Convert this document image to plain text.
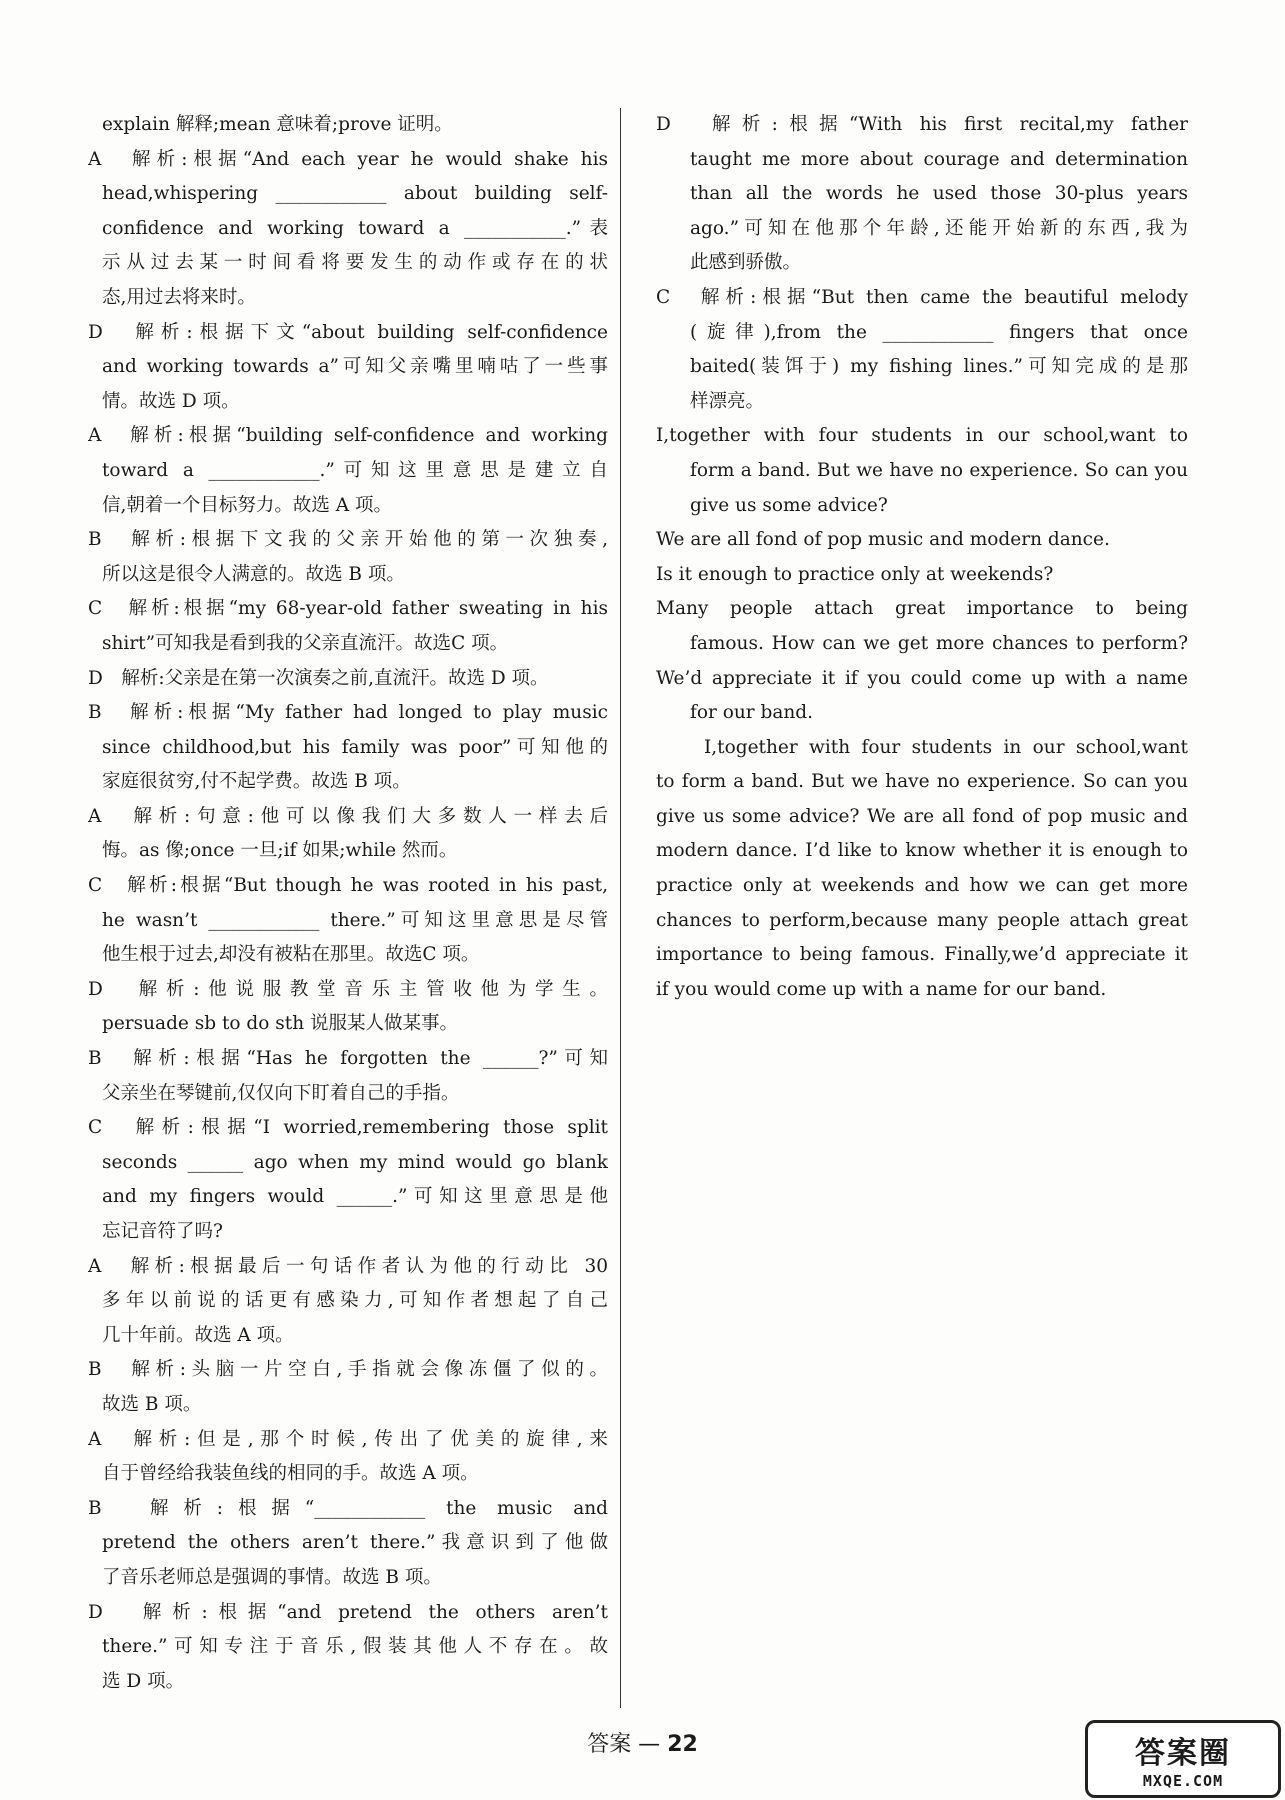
explain 解释;mean 意味着;prove 证明。
A　解析:根据“And each year he would shake his
head,whispering ____________ about building self-
confidence and working toward a ___________.”表
示从过去某一时间看将要发生的动作或存在的状
态,用过去将来时。
D　解析:根据下文“about building self-confidence
and working towards a”可知父亲嘴里喃咕了一些事
情。故选 D 项。
A　解析:根据“building self-confidence and working
toward a ____________.”可知这里意思是建立自
信,朝着一个目标努力。故选 A 项。
B　解析:根据下文我的父亲开始他的第一次独奏,
所以这是很令人满意的。故选 B 项。
C　解析:根据“my 68-year-old father sweating in his
shirt”可知我是看到我的父亲直流汗。故选C 项。
D　解析:父亲是在第一次演奏之前,直流汗。故选 D 项。
B　解析:根据“My father had longed to play music
since childhood,but his family was poor”可知他的
家庭很贫穷,付不起学费。故选 B 项。
A　解析:句意:他可以像我们大多数人一样去后
悔。as 像;once 一旦;if 如果;while 然而。
C　解析:根据“But though he was rooted in his past,
he wasn’t ____________ there.”可知这里意思是尽管
他生根于过去,却没有被粘在那里。故选C 项。
D　解析:他说服教堂音乐主管收他为学生。
persuade sb to do sth 说服某人做某事。
B　解析:根据“Has he forgotten the ______?”可知
父亲坐在琴键前,仅仅向下盯着自己的手指。
C　解析:根据“I worried,remembering those split
seconds ______ ago when my mind would go blank
and my fingers would ______.”可知这里意思是他
忘记音符了吗?
A　解析:根据最后一句话作者认为他的行动比 30
多年以前说的话更有感染力,可知作者想起了自己
几十年前。故选 A 项。
B　解析:头脑一片空白,手指就会像冻僵了似的。
故选 B 项。
A　解析:但是,那个时候,传出了优美的旋律,来
自于曾经给我装鱼线的相同的手。故选 A 项。
B　解析:根据“____________ the music and
pretend the others aren’t there.”我意识到了他做
了音乐老师总是强调的事情。故选 B 项。
D　解析:根据“and pretend the others aren’t
there.”可知专注于音乐,假装其他人不存在。故
选 D 项。
D　解析:根据“With his first recital,my father
taught me more about courage and determination
than all the words he used those 30-plus years
ago.”可知在他那个年龄,还能开始新的东西,我为
此感到骄傲。
C　解析:根据“But then came the beautiful melody
(旋律),from the ____________ fingers that once
baited(装饵于) my fishing lines.”可知完成的是那
样漂亮。
I,together with four students in our school,want to
form a band. But we have no experience. So can you
give us some advice?
We are all fond of pop music and modern dance.
Is it enough to practice only at weekends?
Many people attach great importance to being
famous. How can we get more chances to perform?
We’d appreciate it if you could come up with a name
for our band.
　　I,together with four students in our school,want
to form a band. But we have no experience. So can you
give us some advice? We are all fond of pop music and
modern dance. I’d like to know whether it is enough to
practice only at weekends and how we can get more
chances to perform,because many people attach great
importance to being famous. Finally,we’d appreciate it
if you would come up with a name for our band.
答案 — 22	答案圈
MXQE.COM
